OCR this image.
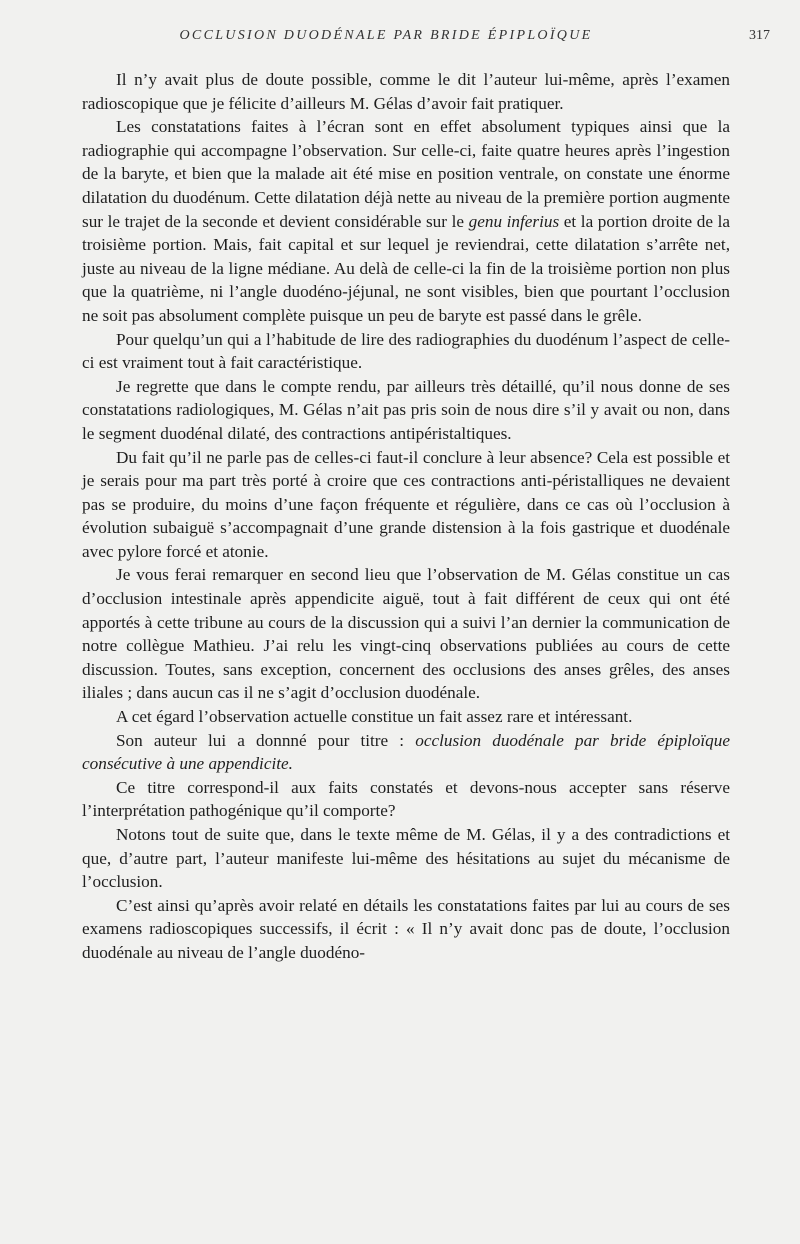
OCCLUSION DUODÉNALE PAR BRIDE ÉPIPLOÏQUE	317

Il n’y avait plus de doute possible, comme le dit l’auteur lui-même, après l’examen radioscopique que je félicite d’ailleurs M. Gélas d’avoir fait pratiquer.

Les constatations faites à l’écran sont en effet absolument typiques ainsi que la radiographie qui accompagne l’observation. Sur celle-ci, faite quatre heures après l’ingestion de la baryte, et bien que la malade ait été mise en position ventrale, on constate une énorme dilatation du duodénum. Cette dilatation déjà nette au niveau de la première portion augmente sur le trajet de la seconde et devient considérable sur le genu inferius et la portion droite de la troisième portion. Mais, fait capital et sur lequel je reviendrai, cette dilatation s’arrête net, juste au niveau de la ligne médiane. Au delà de celle-ci la fin de la troisième portion non plus que la quatrième, ni l’angle duodéno-jéjunal, ne sont visibles, bien que pourtant l’occlusion ne soit pas absolument complète puisque un peu de baryte est passé dans le grêle.

Pour quelqu’un qui a l’habitude de lire des radiographies du duodénum l’aspect de celle-ci est vraiment tout à fait caractéristique.

Je regrette que dans le compte rendu, par ailleurs très détaillé, qu’il nous donne de ses constatations radiologiques, M. Gélas n’ait pas pris soin de nous dire s’il y avait ou non, dans le segment duodénal dilaté, des contractions antipéristaltiques.

Du fait qu’il ne parle pas de celles-ci faut-il conclure à leur absence? Cela est possible et je serais pour ma part très porté à croire que ces contractions anti-péristalliques ne devaient pas se produire, du moins d’une façon fréquente et régulière, dans ce cas où l’occlusion à évolution subaiguë s’accompagnait d’une grande distension à la fois gastrique et duodénale avec pylore forcé et atonie.

Je vous ferai remarquer en second lieu que l’observation de M. Gélas constitue un cas d’occlusion intestinale après appendicite aiguë, tout à fait différent de ceux qui ont été apportés à cette tribune au cours de la discussion qui a suivi l’an dernier la communication de notre collègue Mathieu. J’ai relu les vingt-cinq observations publiées au cours de cette discussion. Toutes, sans exception, concernent des occlusions des anses grêles, des anses iliales ; dans aucun cas il ne s’agit d’occlusion duodénale.

A cet égard l’observation actuelle constitue un fait assez rare et intéressant.

Son auteur lui a donnné pour titre : occlusion duodénale par bride épiploïque consécutive à une appendicite.

Ce titre correspond-il aux faits constatés et devons-nous accepter sans réserve l’interprétation pathogénique qu’il comporte?

Notons tout de suite que, dans le texte même de M. Gélas, il y a des contradictions et que, d’autre part, l’auteur manifeste lui-même des hésitations au sujet du mécanisme de l’occlusion.

C’est ainsi qu’après avoir relaté en détails les constatations faites par lui au cours de ses examens radioscopiques successifs, il écrit : « Il n’y avait donc pas de doute, l’occlusion duodénale au niveau de l’angle duodéno-
